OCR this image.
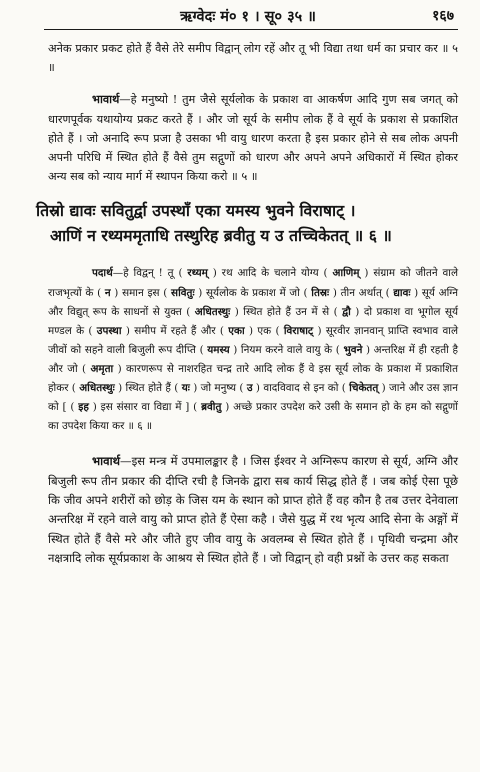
ऋग्वेदः मं० १ । सू० ३५ ॥	१६७

अनेक प्रकार प्रकट होते हैं वैसे तेरे समीप विद्वान् लोग रहें और तू भी विद्या तथा धर्म का प्रचार कर ॥ ५ ॥

भावार्थ—हे मनुष्यो ! तुम जैसे सूर्यलोक के प्रकाश वा आकर्षण आदि गुण सब जगत् को धारणपूर्वक यथायोग्य प्रकट करते हैं । और जो सूर्य के समीप लोक हैं वे सूर्य के प्रकाश से प्रकाशित होते हैं । जो अनादि रूप प्रजा है उसका भी वायु धारण करता है इस प्रकार होने से सब लोक अपनी अपनी परिधि में स्थित होते हैं वैसे तुम सद्गुणों को धारण और अपने अपने अधिकारों में स्थित होकर अन्य सब को न्याय मार्ग में स्थापन किया करो ॥ ५ ॥

तिस्रो द्यावः सवितुर्द्वा उपस्थाँ एका यमस्य भुवने विराषाट् ।
आणिं न रथ्यममृताधि तस्थुरिह ब्रवीतु य उ तच्चिकेतत् ॥ ६ ॥

पदार्थ—हे विद्वन् ! तू ( रथ्यम् ) रथ आदि के चलाने योग्य ( आणिम् ) संग्राम को जीतने वाले राजभृत्यों के ( न ) समान इस ( सवितुः ) सूर्यलोक के प्रकाश में जो ( तिस्रः ) तीन अर्थात् ( द्यावः ) सूर्य अग्नि और विद्युत् रूप के साधनों से युक्त ( अधितस्थुः ) स्थित होते हैं उन में से ( द्वौ ) दो प्रकाश वा भूगोल सूर्य मण्डल के ( उपस्था ) समीप में रहते हैं और ( एका ) एक ( विराषाट् ) सूरवीर ज्ञानवान् प्राप्ति स्वभाव वाले जीवों को सहने वाली बिजुली रूप दीप्ति ( यमस्य ) नियम करने वाले वायु के ( भुवने ) अन्तरिक्ष में ही रहती है और जो ( अमृता ) कारणरूप से नाशरहित चन्द्र तारे आदि लोक हैं वे इस सूर्य लोक के प्रकाश में प्रकाशित होकर ( अधितस्थुः ) स्थित होते हैं ( यः ) जो मनुष्य ( उ ) वादविवाद से इन को ( चिकेतत् ) जाने और उस ज्ञान को [ ( इह ) इस संसार वा विद्या में ] ( ब्रवीतु ) अच्छे प्रकार उपदेश करे उसी के समान हो के हम को सद्गुणों का उपदेश किया कर ॥ ६ ॥

भावार्थ—इस मन्त्र में उपमालङ्कार है । जिस ईश्वर ने अग्निरूप कारण से सूर्य, अग्नि और बिजुली रूप तीन प्रकार की दीप्ति रची है जिनके द्वारा सब कार्य सिद्ध होते हैं । जब कोई ऐसा पूछे कि जीव अपने शरीरों को छोड़ के जिस यम के स्थान को प्राप्त होते हैं वह कौन है तब उत्तर देनेवाला अन्तरिक्ष में रहने वाले वायु को प्राप्त होते हैं ऐसा कहै । जैसे युद्ध में रथ भृत्य आदि सेना के अङ्गों में स्थित होते हैं वैसे मरे और जीते हुए जीव वायु के अवलम्ब से स्थित होते हैं । पृथिवी चन्द्रमा और नक्षत्रादि लोक सूर्यप्रकाश के आश्रय से स्थित होते हैं । जो विद्वान् हो वही प्रश्नों के उत्तर कह सकता
